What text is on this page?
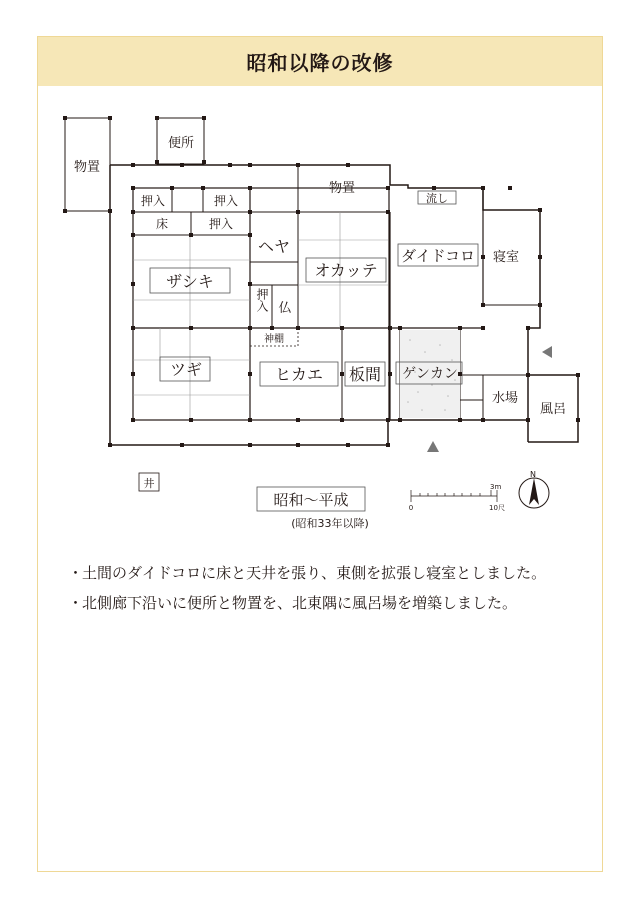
昭和以降の改修
物置
便所
物置
押入	押入
押入
床
ザシキ
ヘヤ
オカッテ
流し
ダイドコロ 寝室
押入 仏
神棚
ツギ	ヒカエ 板間 ゲンカン
水場
風呂
井
昭和～平成
(昭和33年以降)
3m
0	10尺
N
・
土間のダイドコロに床と天井を張り、東側を拡張し寝室としました。
・
北側廊下沿いに便所と物置を、北東隅に風呂場を増築しました。
